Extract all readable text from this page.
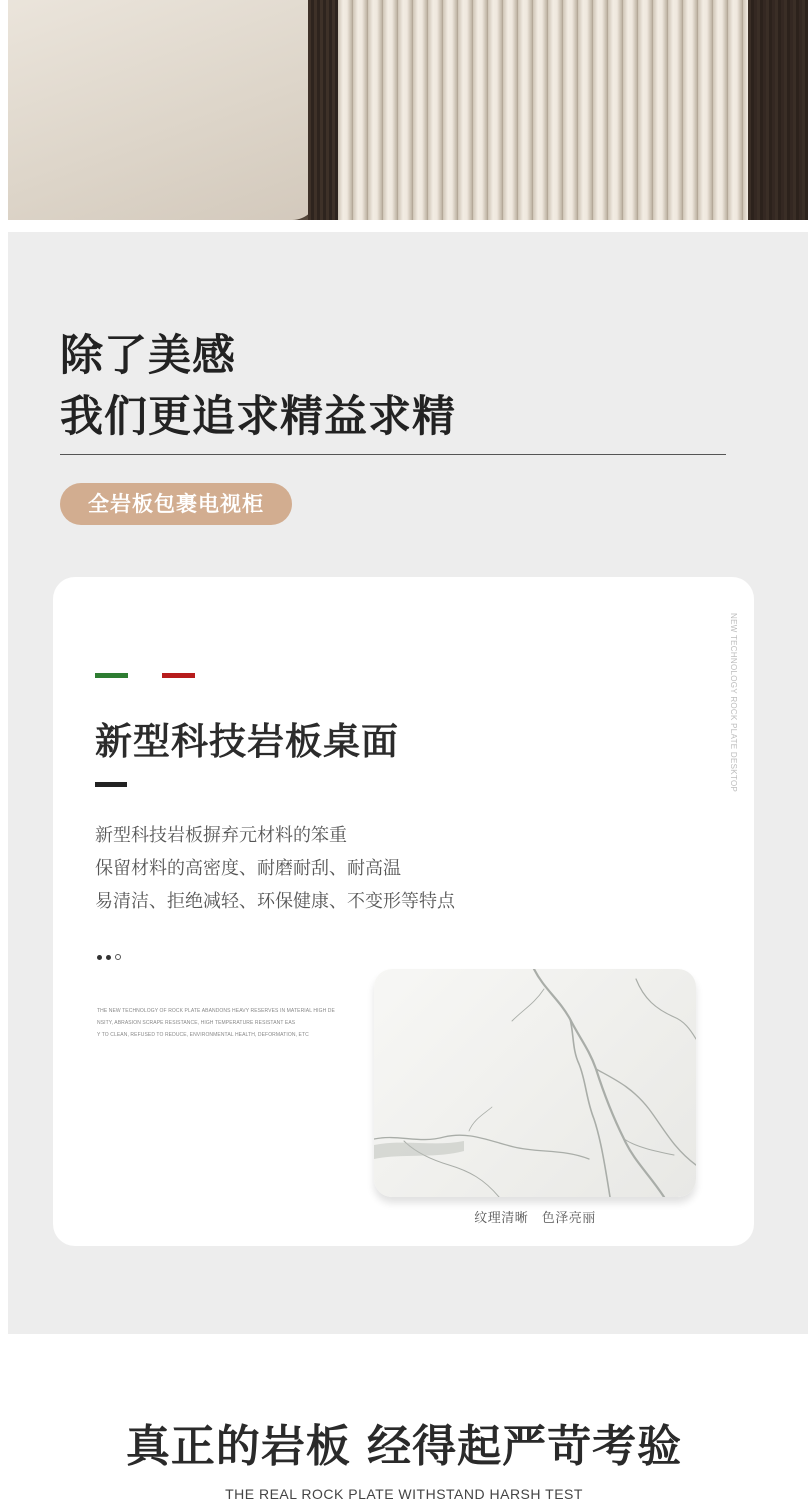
除了美感
我们更追求精益求精
全岩板包裹电视柜
NEW TECHNOLOGY ROCK PLATE DESKTOP
新型科技岩板桌面

新型科技岩板摒弃元材料的笨重
保留材料的高密度、耐磨耐刮、耐高温
易清洁、拒绝减轻、环保健康、不变形等特点

THE NEW TECHNOLOGY OF ROCK PLATE ABANDONS HEAVY RESERVES IN MATERIAL HIGH DE
NSITY, ABRASION SCRAPE RESISTANCE, HIGH TEMPERATURE RESISTANT EAS
Y TO CLEAN, REFUSED TO REDUCE, ENVIRONMENTAL HEALTH, DEFORMATION, ETC

纹理清晰　色泽亮丽
真正的岩板 经得起严苛考验
THE REAL ROCK PLATE WITHSTAND HARSH TEST
